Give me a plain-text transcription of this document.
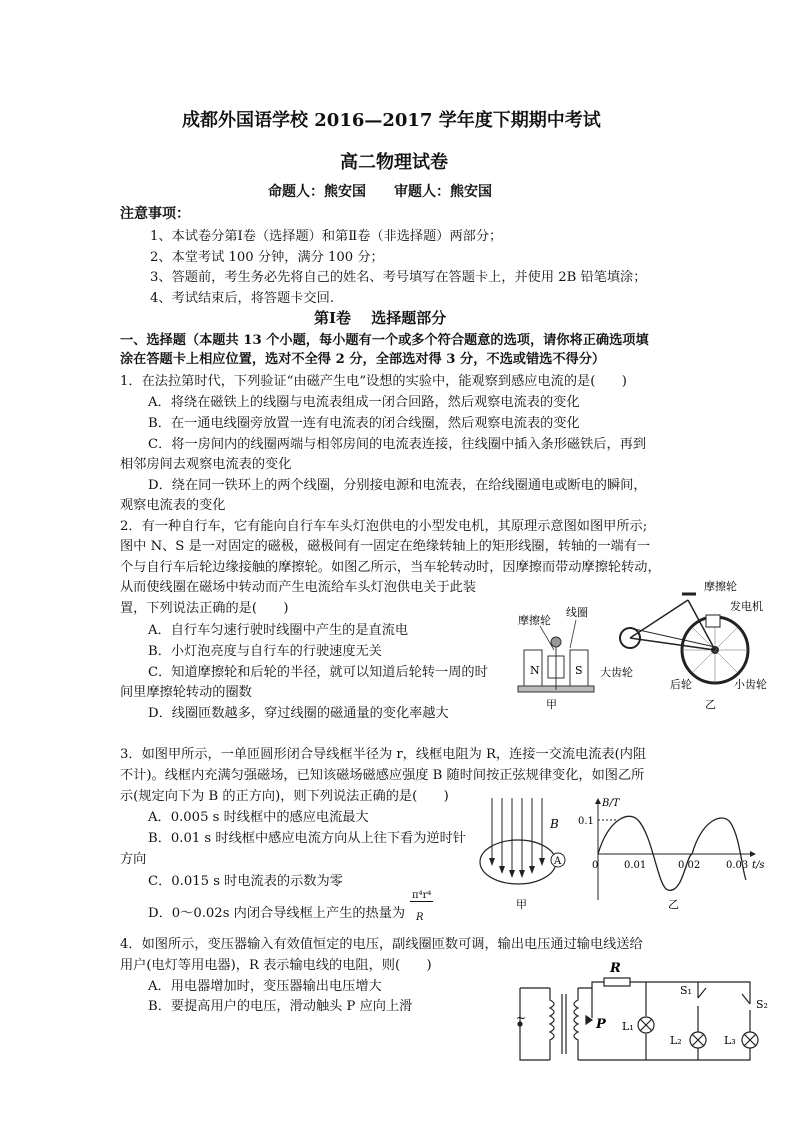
成都外国语学校 2016—2017 学年度下期期中考试
高二物理试卷
命题人：熊安国　　审题人：熊安国
注意事项：
1、本试卷分第Ⅰ卷（选择题）和第Ⅱ卷（非选择题）两部分；
2、本堂考试 100 分钟，满分 100 分；
3、答题前，考生务必先将自己的姓名、考号填写在答题卡上，并使用 2B 铅笔填涂；
4、考试结束后，将答题卡交回.
第Ⅰ卷　 选择题部分
一、选择题（本题共 13 个小题，每小题有一个或多个符合题意的选项，请你将正确选项填
涂在答题卡上相应位置，选对不全得 2 分，全部选对得 3 分，不选或错选不得分）
1．在法拉第时代，下列验证“由磁产生电”设想的实验中，能观察到感应电流的是(　　)
A．将绕在磁铁上的线圈与电流表组成一闭合回路，然后观察电流表的变化
B．在一通电线圈旁放置一连有电流表的闭合线圈，然后观察电流表的变化
C．将一房间内的线圈两端与相邻房间的电流表连接，往线圈中插入条形磁铁后，再到
相邻房间去观察电流表的变化
D．绕在同一铁环上的两个线圈，分别接电源和电流表，在给线圈通电或断电的瞬间，
观察电流表的变化
2．有一种自行车，它有能向自行车车头灯泡供电的小型发电机，其原理示意图如图甲所示;
图中 N、S 是一对固定的磁极，磁极间有一固定在绝缘转轴上的矩形线圈，转轴的一端有一
个与自行车后轮边缘接触的摩擦轮。如图乙所示，当车轮转动时，因摩擦而带动摩擦轮转动，
从而使线圈在磁场中转动而产生电流给车头灯泡供电关于此装
置，下列说法正确的是(　　)
A．自行车匀速行驶时线圈中产生的是直流电
B．小灯泡亮度与自行车的行驶速度无关
C．知道摩擦轮和后轮的半径，就可以知道后轮转一周的时
间里摩擦轮转动的圈数
D．线圈匝数越多，穿过线圈的磁通量的变化率越大
摩擦轮
线圈
N	S
甲
摩擦轮
发电机
大齿轮
后轮	小齿轮
乙
3．如图甲所示，一单匝圆形闭合导线框半径为 r，线框电阻为 R，连接一交流电流表(内阻
不计)。线框内充满匀强磁场，已知该磁场磁感应强度 B 随时间按正弦规律变化，如图乙所
示(规定向下为 B 的正方向)，则下列说法正确的是(　　)
A．0.005 s 时线框中的感应电流最大
B．0.01 s 时线框中感应电流方向从上往下看为逆时针
方向
C．0.015 s 时电流表的示数为零
D．0～0.02s 内闭合导线框上产生的热量为
π⁴r⁴
R
B
A
甲
B/T
0.1
0	0.01	0.02	0.03 t/s
乙
4．如图所示，变压器输入有效值恒定的电压，副线圈匝数可调，输出电压通过输电线送给
用户(电灯等用电器)，R 表示输电线的电阻，则(　　)
A．用电器增加时，变压器输出电压增大
B．要提高用户的电压，滑动触头 P 应向上滑
~
R
P L₁
S₁
L₂
S₂
L₃
